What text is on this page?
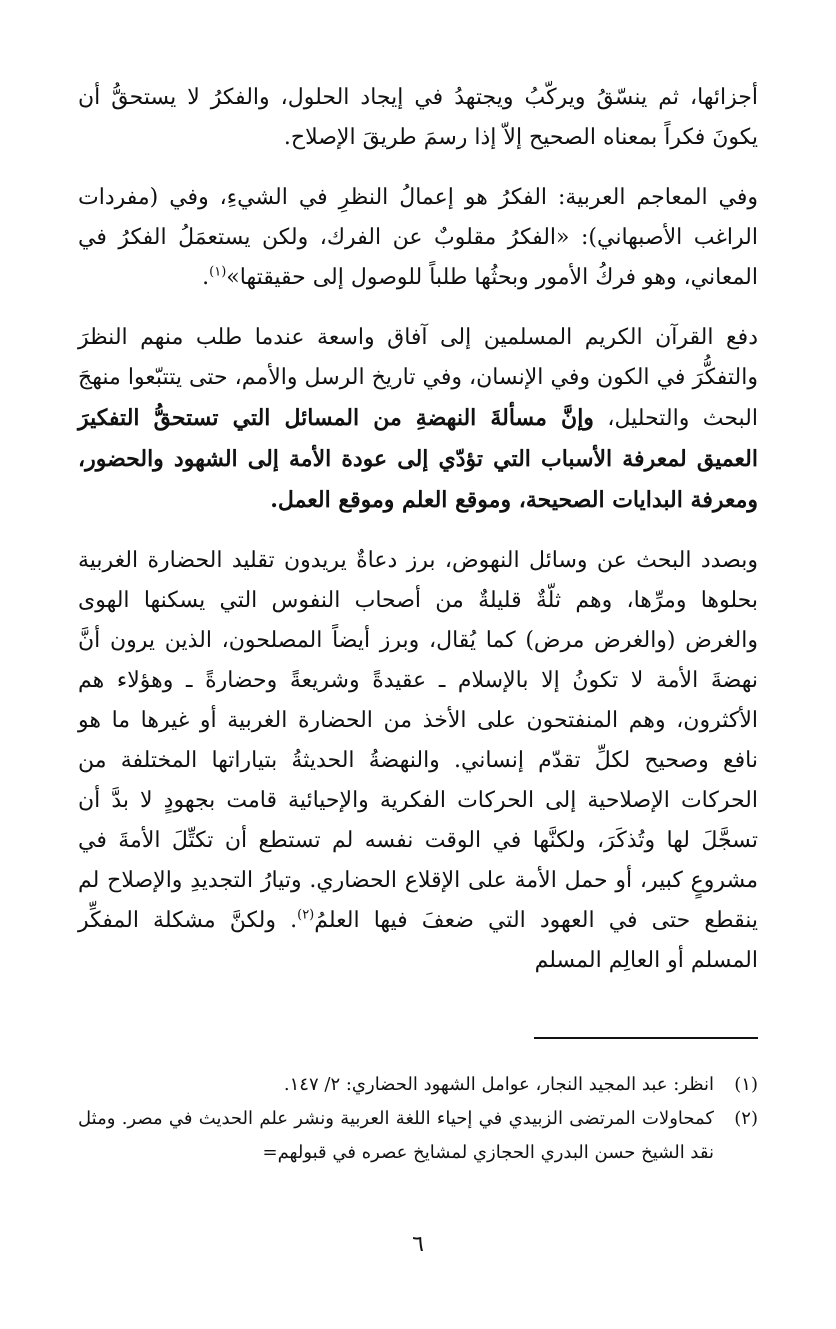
أجزائها، ثم ينسّقُ ويركّبُ ويجتهدُ في إيجاد الحلول، والفكرُ لا يستحقُّ أن يكونَ فكراً بمعناه الصحيح إلاّ إذا رسمَ طريقَ الإصلاح.

وفي المعاجم العربية: الفكرُ هو إعمالُ النظرِ في الشيءِ، وفي (مفردات الراغب الأصبهاني): «الفكرُ مقلوبٌ عن الفرك، ولكن يستعمَلُ الفكرُ في المعاني، وهو فركُ الأمور وبحثُها طلباً للوصول إلى حقيقتها»$^{(١)}$.

دفع القرآن الكريم المسلمين إلى آفاق واسعة عندما طلب منهم النظرَ والتفكُّرَ في الكون وفي الإنسان، وفي تاريخ الرسل والأمم، حتى يتتبّعوا منهجَ البحث والتحليل، وإنَّ مسألةَ النهضةِ من المسائل التي تستحقُّ التفكيرَ العميق لمعرفة الأسباب التي تؤدّي إلى عودة الأمة إلى الشهود والحضور، ومعرفة البدايات الصحيحة، وموقع العلم وموقع العمل.

وبصدد البحث عن وسائل النهوض، برز دعاةٌ يريدون تقليد الحضارة الغربية بحلوها ومرِّها، وهم ثلّةٌ قليلةٌ من أصحاب النفوس التي يسكنها الهوى والغرض (والغرض مرض) كما يُقال، وبرز أيضاً المصلحون، الذين يرون أنَّ نهضةَ الأمة لا تكونُ إلا بالإسلام ـ عقيدةً وشريعةً وحضارةً ـ وهؤلاء هم الأكثرون، وهم المنفتحون على الأخذ من الحضارة الغربية أو غيرها ما هو نافع وصحيح لكلِّ تقدّم إنساني. والنهضةُ الحديثةُ بتياراتها المختلفة من الحركات الإصلاحية إلى الحركات الفكرية والإحيائية قامت بجهودٍ لا بدَّ أن تسجَّلَ لها وتُذكَرَ، ولكنَّها في الوقت نفسه لم تستطع أن تكتِّلَ الأمةَ في مشروعٍ كبير، أو حمل الأمة على الإقلاع الحضاري. وتيارُ التجديدِ والإصلاح لم ينقطع حتى في العهود التي ضعفَ فيها العلمُ$^{(٢)}$. ولكنَّ مشكلة المفكِّر المسلم أو العالِم المسلم

(١)
انظر: عبد المجيد النجار، عوامل الشهود الحضاري: ٢/ ١٤٧.
(٢)
كمحاولات المرتضى الزبيدي في إحياء اللغة العربية ونشر علم الحديث في مصر. ومثل نقد الشيخ حسن البدري الحجازي لمشايخ عصره في قبولهم=
٦
